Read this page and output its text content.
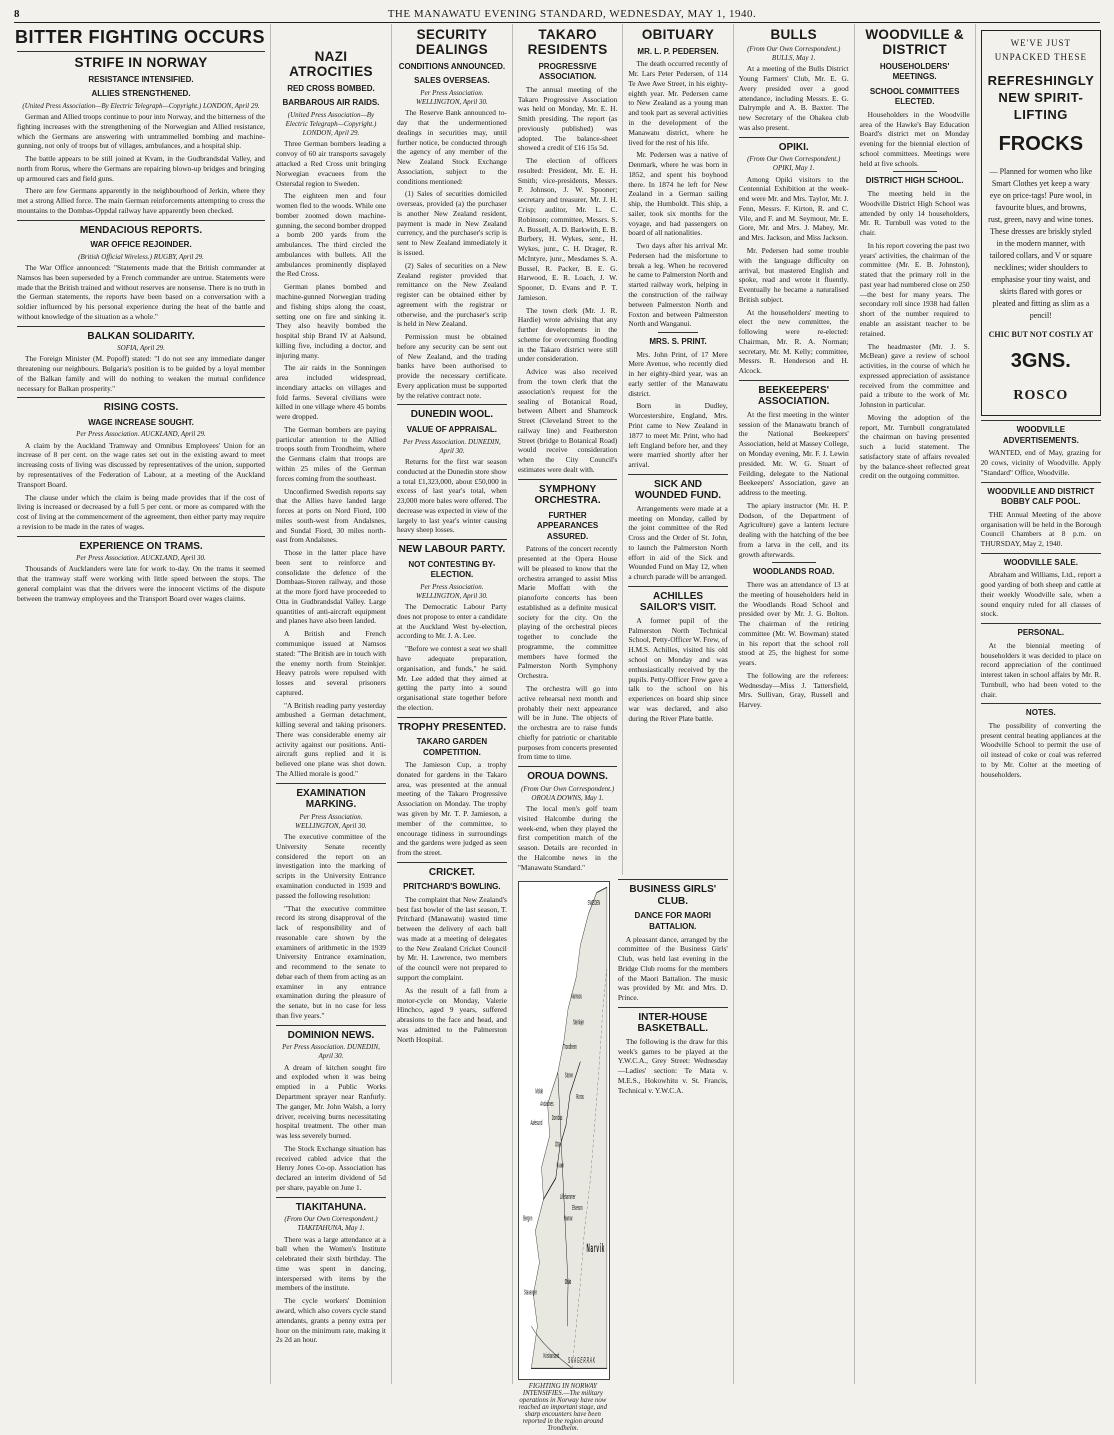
8	THE MANAWATU EVENING STANDARD, WEDNESDAY, MAY 1, 1940.
BITTER FIGHTING OCCURS
STRIFE IN NORWAY
RESISTANCE INTENSIFIED.
ALLIES STRENGTHENED.
(United Press Association—By Electric Telegraph—Copyright.) LONDON, April 29.

German and Allied troops continue to pour into Norway, and the bitterness of the fighting increases with the strengthening of the Norwegian and Allied resistance, which the Germans are answering with untrammelled bombing and machine-gunning, not only of troops but of villages, ambulances, and a hospital ship.

The battle appears to be still joined at Kvam, in the Gudbrandsdal Valley, and north from Rorus, where the Germans are repairing blown-up bridges and bringing up armoured cars and field guns.

There are few Germans apparently in the neighbourhood of Jerkin, where they met a strong Allied force. The main German reinforcements attempting to cross the mountains to the Dombas-Oppdal railway have apparently been checked.

MENDACIOUS REPORTS.
WAR OFFICE REJOINDER.
(British Official Wireless.) RUGBY, April 29.

The War Office announced: "Statements made that the British commander at Namsos has been superseded by a French commander are untrue. Statements were made that the British trained and without reserves are nonsense. There is no truth in the German statements, the reports have been based on a conversation with a soldier influenced by his personal experience during the heat of the battle and without knowledge of the situation as a whole."

BALKAN SOLIDARITY.
SOFIA, April 29.

The Foreign Minister (M. Popoff) stated: "I do not see any immediate danger threatening our neighbours. Bulgaria's position is to be guided by a loyal member of the Balkan family and will do nothing to weaken the mutual confidence necessary for Balkan prosperity."

RISING COSTS.
WAGE INCREASE SOUGHT.
Per Press Association. AUCKLAND, April 29.

A claim by the Auckland Tramway and Omnibus Employees' Union for an increase of 8 per cent. on the wage rates set out in the existing award to meet increasing costs of living was discussed by representatives of the union, supported by representatives of the Federation of Labour, at a meeting of the Auckland Transport Board.

The clause under which the claim is being made provides that if the cost of living is increased or decreased by a full 5 per cent. or more as compared with the cost of living at the commencement of the agreement, then either party may require a revision to be made in the rates of wages.

EXPERIENCE ON TRAMS.
Per Press Association. AUCKLAND, April 30.

Thousands of Aucklanders were late for work to-day. On the trams it seemed that the tramway staff were working with little speed between the stops. The general complaint was that the drivers were the innocent victims of the dispute between the tramway employees and the Transport Board over wages claims.

NAZI ATROCITIES
RED CROSS BOMBED.
BARBAROUS AIR RAIDS.
(United Press Association—By Electric Telegraph—Copyright.) LONDON, April 29.

Three German bombers leading a convoy of 60 air transports savagely attacked a Red Cross unit bringing Norwegian evacuees from the Ostersdal region to Sweden.

The eighteen men and four women fled to the woods. While one bomber zoomed down machine-gunning, the second bomber dropped a bomb 200 yards from the ambulances. The third circled the ambulances with bullets. All the ambulances prominently displayed the Red Cross.

German planes bombed and machine-gunned Norwegian trading and fishing ships along the coast, setting one on fire and sinking it. They also heavily bombed the hospital ship Brand IV at Aalsund, killing five, including a doctor, and injuring many.

The air raids in the Sonningen area included widespread, incendiary attacks on villages and fold farms. Several civilians were killed in one village where 45 bombs were dropped.

The German bombers are paying particular attention to the Allied troops south from Trondheim, where the Germans claim that troops are within 25 miles of the German forces coming from the southeast.

Unconfirmed Swedish reports say that the Allies have landed large forces at ports on Nord Fiord, 100 miles south-west from Andalsnes, and Sundal Fiord, 30 miles north-east from Andalsnes.

Those in the latter place have been sent to reinforce and consolidate the defence of the Dombaas-Storen railway, and those at the more fjord have proceeded to Otta in Gudbrandsdal Valley. Large quantities of anti-aircraft equipment and planes have also been landed.

A British and French communique issued at Namsos stated: "The British are in touch with the enemy north from Steinkjer. Heavy patrols were repulsed with losses and several prisoners captured.

"A British reading party yesterday ambushed a German detachment, killing several and taking prisoners. There was considerable enemy air activity against our positions. Anti-aircraft guns replied and it is believed one plane was shot down. The Allied morale is good."

EXAMINATION MARKING.
Per Press Association. WELLINGTON, April 30.

The executive committee of the University Senate recently considered the report on an investigation into the marking of scripts in the University Entrance examination conducted in 1939 and passed the following resolution:

"That the executive committee record its strong disapproval of the lack of responsibility and of reasonable care shown by the examiners of arithmetic in the 1939 University Entrance examination, and recommend to the senate to debar each of them from acting as an examiner in any entrance examination during the pleasure of the senate, but in no case for less than five years."

DOMINION NEWS.
Per Press Association. DUNEDIN, April 30.

A dream of kitchen sought fire and exploded when it was being emptied in a Public Works Department sprayer near Ranfurly. The ganger, Mr. John Walsh, a lorry driver, receiving burns necessitating hospital treatment. The other man was less severely burned.

The Stock Exchange situation has received cabled advice that the Henry Jones Co-op. Association has declared an interim dividend of 5d per share, payable on June 1.

TIAKITAHUNA.
(From Our Own Correspondent.) TIAKITAHUNA, May 1.

There was a large attendance at a ball when the Women's Institute celebrated their sixth birthday. The time was spent in dancing, interspersed with items by the members of the institute.

The cycle workers' Dominion award, which also covers cycle stand attendants, grants a penny extra per hour on the minimum rate, making it 2s 2d an hour.

SECURITY DEALINGS
CONDITIONS ANNOUNCED.
SALES OVERSEAS.
Per Press Association. WELLINGTON, April 30.

The Reserve Bank announced to-day that the undermentioned dealings in securities may, until further notice, be conducted through the agency of any member of the New Zealand Stock Exchange Association, subject to the conditions mentioned:

(1) Sales of securities domiciled overseas, provided (a) the purchaser is another New Zealand resident, payment is made in New Zealand currency, and the purchaser's scrip is sent to New Zealand immediately it is issued.

(2) Sales of securities on a New Zealand register provided that remittance on the New Zealand register can be obtained either by agreement with the registrar or otherwise, and the purchaser's scrip is held in New Zealand.

Permission must be obtained before any security can be sent out of New Zealand, and the trading banks have been authorised to provide the necessary certificate. Every application must be supported by the relative contract note.

DUNEDIN WOOL.
VALUE OF APPRAISAL.
Per Press Association. DUNEDIN, April 30.

Returns for the first war season conducted at the Dunedin store show a total £1,323,000, about £50,000 in excess of last year's total, when 23,000 more bales were offered. The decrease was expected in view of the largely to last year's winter causing heavy sheep losses.

NEW LABOUR PARTY.
NOT CONTESTING BY-ELECTION.
Per Press Association. WELLINGTON, April 30.

The Democratic Labour Party does not propose to enter a candidate at the Auckland West by-election, according to Mr. J. A. Lee.

"Before we contest a seat we shall have adequate preparation, organisation, and funds," he said. Mr. Lee added that they aimed at getting the party into a sound organisational state together before the election.

TROPHY PRESENTED.
TAKARO GARDEN COMPETITION.

The Jamieson Cup, a trophy donated for gardens in the Takaro area, was presented at the annual meeting of the Takaro Progressive Association on Monday. The trophy was given by Mr. T. P. Jamieson, a member of the committee, to encourage tidiness in surroundings and the gardens were judged as seen from the street.

CRICKET.
PRITCHARD'S BOWLING.

The complaint that New Zealand's best fast bowler of the last season, T. Pritchard (Manawatu) wasted time between the delivery of each ball was made at a meeting of delegates to the New Zealand Cricket Council by Mr. H. Lawrence, two members of the council were not prepared to support the complaint.

As the result of a fall from a motor-cycle on Monday, Valerie Hinchco, aged 9 years, suffered abrasions to the face and head, and was admitted to the Palmerston North Hospital.

TAKARO RESIDENTS
PROGRESSIVE ASSOCIATION.

The annual meeting of the Takaro Progressive Association was held on Monday, Mr. E. H. Smith presiding. The report (as previously published) was adopted. The balance-sheet showed a credit of £16 15s 5d.

The election of officers resulted: President, Mr. E. H. Smith; vice-presidents, Messrs. P. Johnson, J. W. Spooner; secretary and treasurer, Mr. J. H. Crisp; auditor, Mr. L. C. Robinson; committee, Messrs. S. A. Bussell, A. D. Barkwith, E. B. Burbery, H. Wykes, senr., H. Wykes, junr., C. H. Drager, R. McIntyre, junr., Mesdames S. A. Bussel, R. Packer, B. E. G. Harwood, E. R. Loach, J. W. Spooner, D. Evans and P. T. Jamieson.

The town clerk (Mr. J. R. Hardie) wrote advising that any further developments in the scheme for overcoming flooding in the Takaro district were still under consideration.

Advice was also received from the town clerk that the association's request for the sealing of Botanical Road, between Albert and Shamrock Street (Cleveland Street to the railway line) and Featherston Street (bridge to Botanical Road) would receive consideration when the City Council's estimates were dealt with.

SYMPHONY ORCHESTRA.
FURTHER APPEARANCES ASSURED.

Patrons of the concert recently presented at the Opera House will be pleased to know that the orchestra arranged to assist Miss Marie Moffatt with the pianoforte concerts has been established as a definite musical society for the city. On the playing of the orchestral pieces together to conclude the programme, the committee members have formed the Palmerston North Symphony Orchestra.

The orchestra will go into active rehearsal next month and probably their next appearance will be in June. The objects of the orchestra are to raise funds chiefly for patriotic or charitable purposes from concerts presented from time to time.

OROUA DOWNS.
(From Our Own Correspondent.) OROUA DOWNS, May 1.

The local men's golf team visited Halcombe during the week-end, when they played the first competition match of the season. Details are recorded in the Halcombe news in the "Manawatu Standard."

OBITUARY
MR. L. P. PEDERSEN.

The death occurred recently of Mr. Lars Peter Pedersen, of 114 Te Awe Awe Street, in his eighty-eighth year. Mr. Pedersen came to New Zealand as a young man and took part as several activities in the development of the Manawatu district, where he lived for the rest of his life.

Mr. Pedersen was a native of Denmark, where he was born in 1852, and spent his boyhood there. In 1874 he left for New Zealand in a German sailing ship, the Humboldt. This ship, a sailer, took six months for the voyage, and had passengers on board of all nationalities.

Two days after his arrival Mr. Pedersen had the misfortune to break a leg. When he recovered he came to Palmerston North and started railway work, helping in the construction of the railway between Palmerston North and Foxton and between Palmerston North and Wanganui.

MRS. S. PRINT.

Mrs. John Print, of 17 Mere Mere Avenue, who recently died in her eighty-third year, was an early settler of the Manawatu district.

Born in Dudley, Worcestershire, England, Mrs. Print came to New Zealand in 1877 to meet Mr. Print, who had left England before her, and they were married shortly after her arrival.

SICK AND WOUNDED FUND.

Arrangements were made at a meeting on Monday, called by the joint committee of the Red Cross and the Order of St. John, to launch the Palmerston North effort in aid of the Sick and Wounded Fund on May 12, when a church parade will be arranged.

ACHILLES SAILOR'S VISIT.

A former pupil of the Palmerston North Technical School, Petty-Officer W. Frew, of H.M.S. Achilles, visited his old school on Monday and was enthusiastically received by the pupils. Petty-Officer Frew gave a talk to the school on his experiences on board ship since war was declared, and also during the River Plate battle.

Narvik
Namsos
Steinkjer
Trondheim
Storen
Roros
Dombas
Otta
Kvam
Andalsnes
Molde
Aalesund
Lillehammer
Hamar
Elverum
Oslo
Bergen
Stavanger
Kristiansand
SWEDEN
SKAGERRAK
FIGHTING IN NORWAY INTENSIFIES.—The military operations in Norway have now reached an important stage, and sharp encounters have been reported in the region around Trondheim.
BUSINESS GIRLS' CLUB.
DANCE FOR MAORI BATTALION.

A pleasant dance, arranged by the committee of the Business Girls' Club, was held last evening in the Bridge Club rooms for the members of the Maori Battalion. The music was provided by Mr. and Mrs. D. Prince.

INTER-HOUSE BASKETBALL.

The following is the draw for this week's games to be played at the Y.W.C.A., Grey Street: Wednesday—Ladies' section: Te Mata v. M.E.S., Hokowhitu v. St. Francis, Technical v. Y.W.C.A.

BULLS
(From Our Own Correspondent.) BULLS, May 1.

At a meeting of the Bulls District Young Farmers' Club, Mr. E. G. Avery presided over a good attendance, including Messrs. E. G. Dalrymple and A. B. Baxter. The new Secretary of the Ohakea club was also present.

OPIKI.
(From Our Own Correspondent.) OPIKI, May 1.

Among Opiki visitors to the Centennial Exhibition at the week-end were Mr. and Mrs. Taylor, Mr. J. Fenn, Messrs. F. Kirton, R. and C. Vile, and F. and M. Seymour, Mr. E. Gore, Mr. and Mrs. J. Mabey, Mr. and Mrs. Jackson, and Miss Jackson.

Mr. Pedersen had some trouble with the language difficulty on arrival, but mastered English and spoke, read and wrote it fluently. Eventually he became a naturalised British subject.

At the householders' meeting to elect the new committee, the following were re-elected: Chairman, Mr. R. A. Norman; secretary, Mr. M. Kelly; committee, Messrs. R. Henderson and H. Alcock.

BEEKEEPERS' ASSOCIATION.

At the first meeting in the winter session of the Manawatu branch of the National Beekeepers' Association, held at Massey College, on Monday evening, Mr. F. J. Lewin presided. Mr. W. G. Stuart of Feilding, delegate to the National Beekeepers' Association, gave an address to the meeting.

The apiary instructor (Mr. H. P. Dodson, of the Department of Agriculture) gave a lantern lecture dealing with the hatching of the bee from a larva in the cell, and its growth afterwards.

WOODLANDS ROAD.

There was an attendance of 13 at the meeting of householders held in the Woodlands Road School and presided over by Mr. J. G. Bolton. The chairman of the retiring committee (Mr. W. Bowman) stated in his report that the school roll stood at 25, the highest for some years.

The following are the referees: Wednesday—Miss J. Tattersfield, Mrs. Sullivan, Gray, Russell and Harvey.

WOODVILLE & DISTRICT
HOUSEHOLDERS' MEETINGS.
SCHOOL COMMITTEES ELECTED.

Householders in the Woodville area of the Hawke's Bay Education Board's district met on Monday evening for the biennial election of school committees. Meetings were held at five schools.

DISTRICT HIGH SCHOOL.

The meeting held in the Woodville District High School was attended by only 14 householders, Mr. R. Turnbull was voted to the chair.

In his report covering the past two years' activities, the chairman of the committee (Mr. E. B. Johnston), stated that the primary roll in the past year had numbered close on 250—the best for many years. The secondary roll since 1938 had fallen short of the number required to enable an assistant teacher to be retained.

The headmaster (Mr. J. S. McBean) gave a review of school activities, in the course of which he expressed appreciation of assistance received from the committee and paid a tribute to the work of Mr. Johnston in particular.

Moving the adoption of the report, Mr. Turnbull congratulated the chairman on having presented such a lucid statement. The satisfactory state of affairs revealed by the balance-sheet reflected great credit on the outgoing committee.

WE'VE JUST UNPACKED THESE
REFRESHINGLY NEW SPIRIT-LIFTING
FROCKS
— Planned for women who like Smart Clothes yet keep a wary eye on price-tags! Pure wool, in favourite blues, and browns, rust, green, navy and wine tones. These dresses are briskly styled in the modern manner, with tailored collars, and V or square necklines; wider shoulders to emphasise your tiny waist, and skirts flared with gores or pleated and fitting as slim as a pencil!
CHIC BUT NOT COSTLY AT
3GNS.
ROSCO
WOODVILLE ADVERTISEMENTS.

WANTED, end of May, grazing for 20 cows, vicinity of Woodville. Apply "Standard" Office, Woodville.

WOODVILLE AND DISTRICT BOBBY CALF POOL.

THE Annual Meeting of the above organisation will be held in the Borough Council Chambers at 8 p.m. on THURSDAY, May 2, 1940.

WOODVILLE SALE.

Abraham and Williams, Ltd., report a good yarding of both sheep and cattle at their weekly Woodville sale, when a sound enquiry ruled for all classes of stock.

PERSONAL.

At the biennial meeting of householders it was decided to place on record appreciation of the continued interest taken in school affairs by Mr. R. Turnbull, who had been voted to the chair.

NOTES.

The possibility of converting the present central heating appliances at the Woodville School to permit the use of oil instead of coke or coal was referred to by Mr. Colter at the meeting of householders.
